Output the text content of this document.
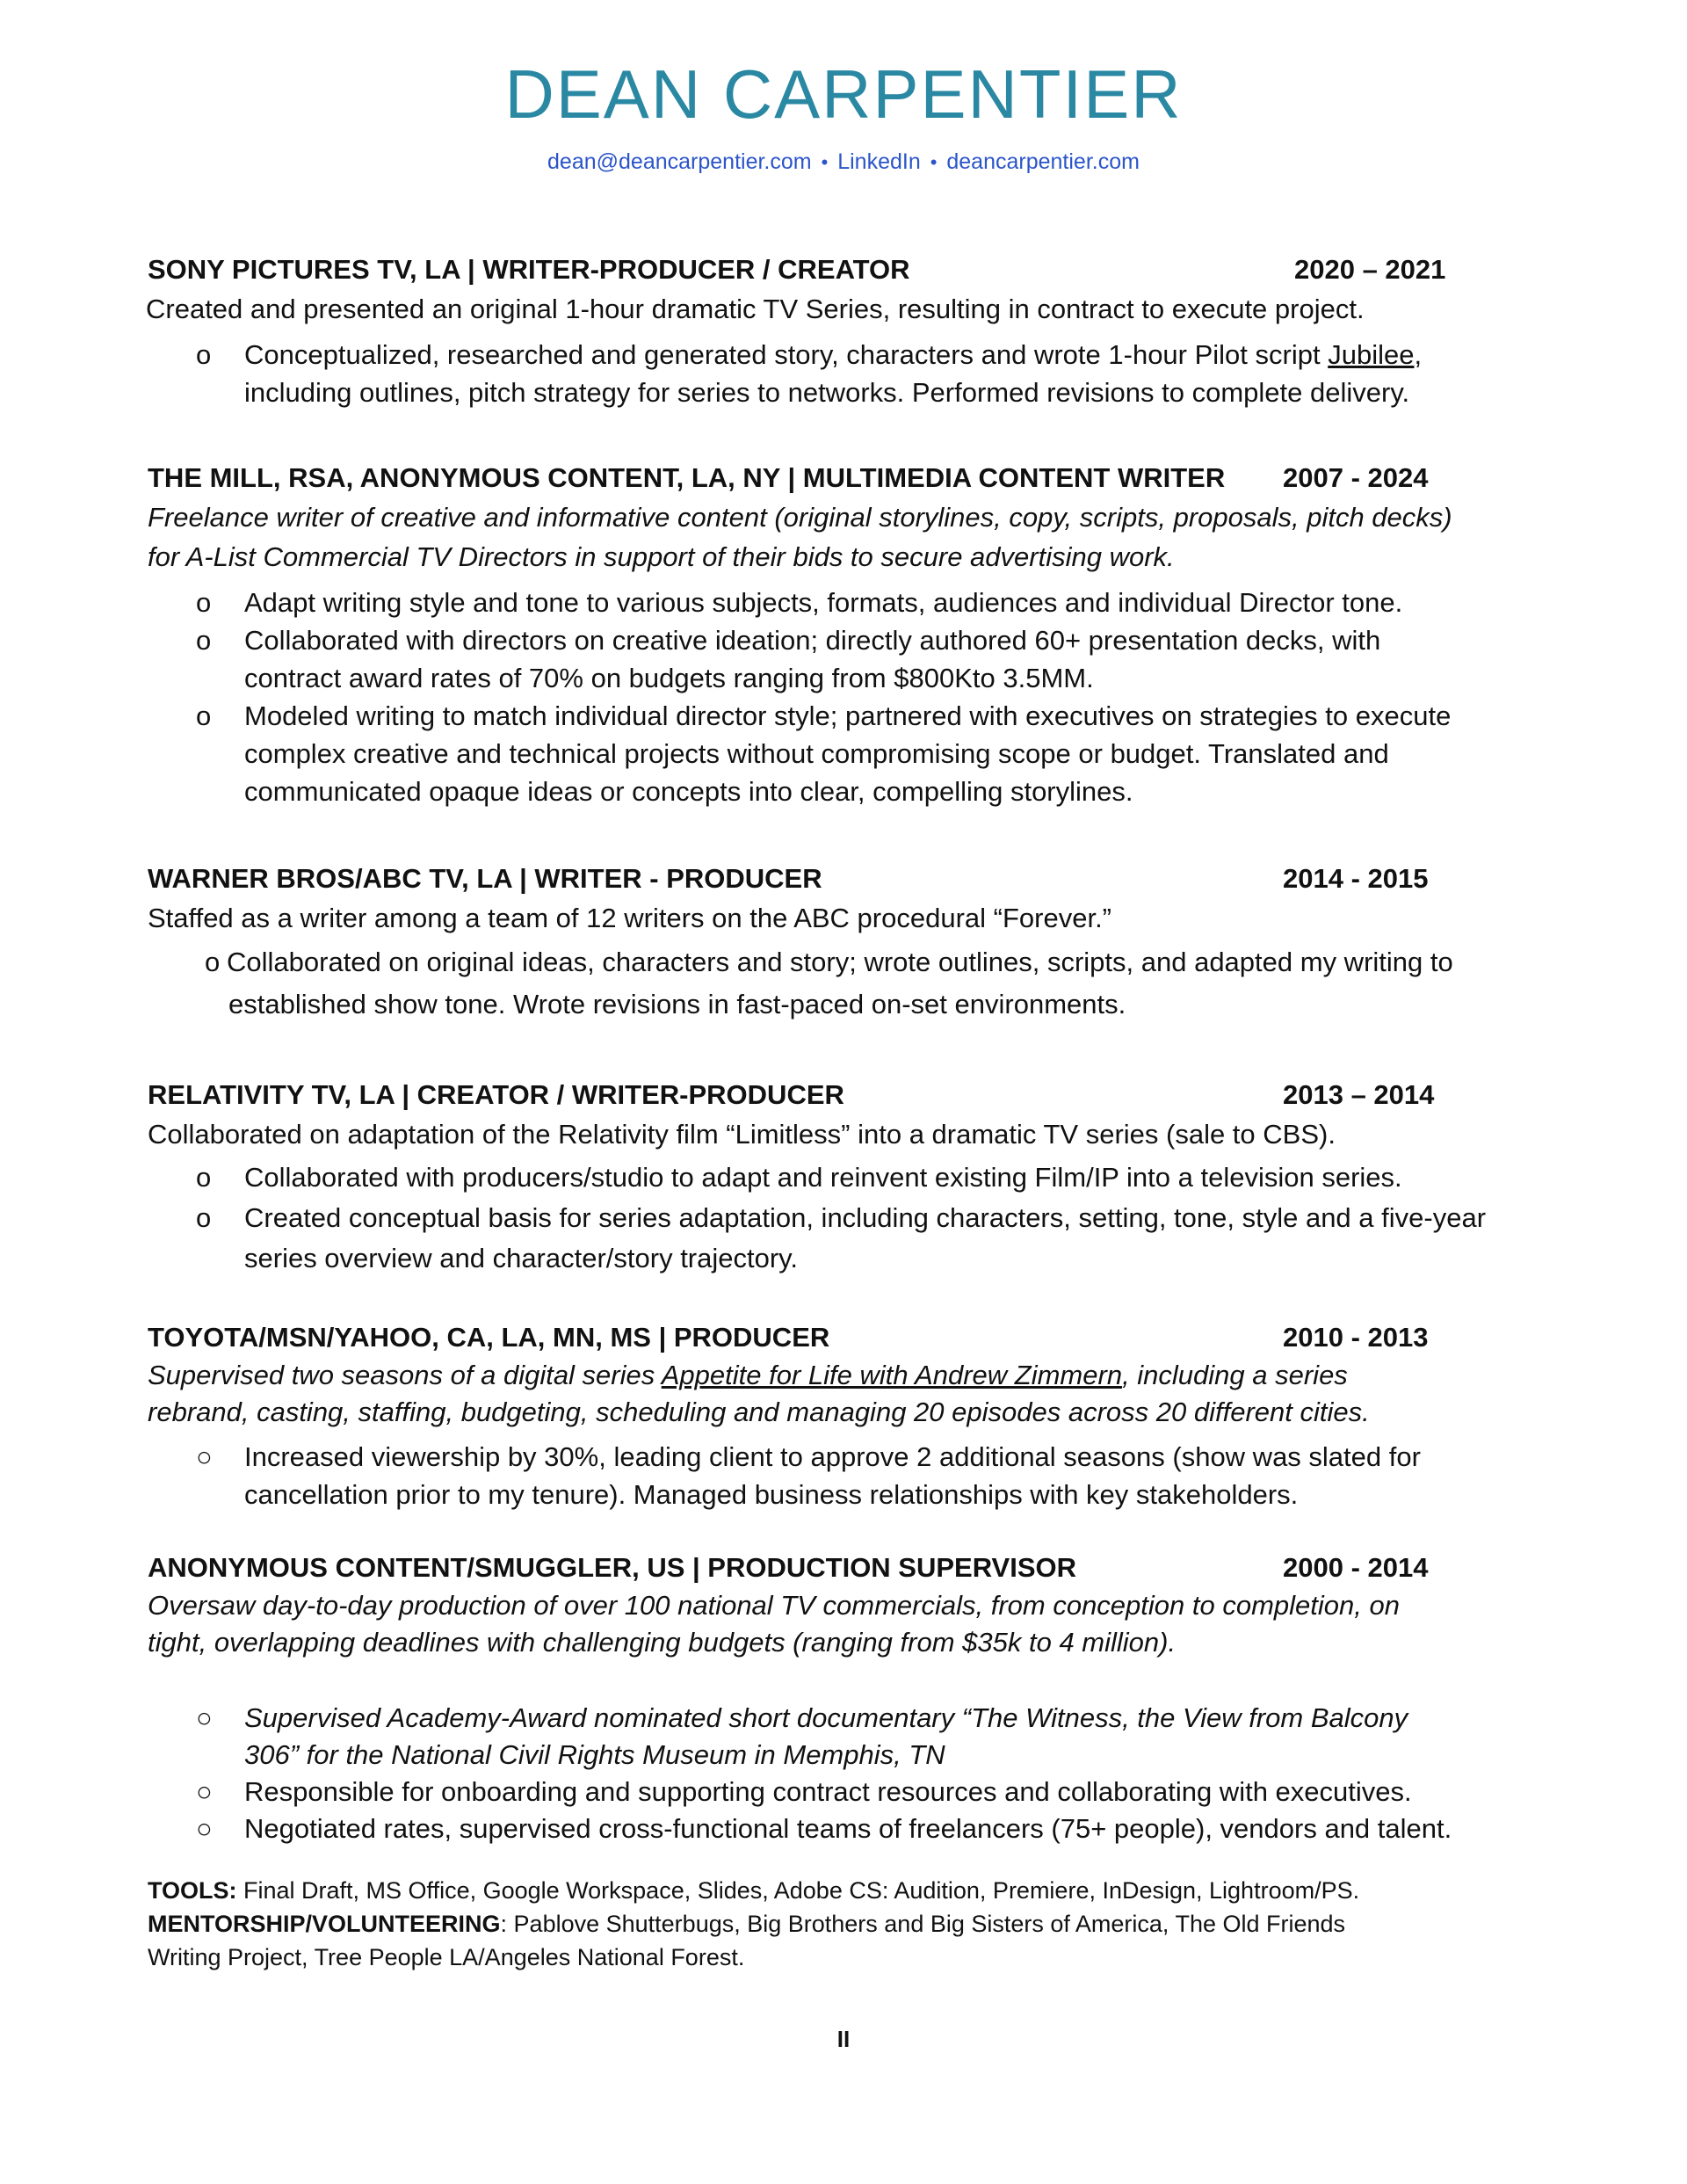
DEAN CARPENTIER
dean@deancarpentier.com • LinkedIn • deancarpentier.com
SONY PICTURES TV, LA | WRITER-PRODUCER / CREATOR	2020 – 2021
Created and presented an original 1-hour dramatic TV Series, resulting in contract to execute project.
o Conceptualized, researched and generated story, characters and wrote 1-hour Pilot script Jubilee,
including outlines, pitch strategy for series to networks. Performed revisions to complete delivery.
THE MILL, RSA, ANONYMOUS CONTENT, LA, NY | MULTIMEDIA CONTENT WRITER 2007 - 2024
Freelance writer of creative and informative content (original storylines, copy, scripts, proposals, pitch decks)
for A-List Commercial TV Directors in support of their bids to secure advertising work.
o Adapt writing style and tone to various subjects, formats, audiences and individual Director tone.
o Collaborated with directors on creative ideation; directly authored 60+ presentation decks, with
contract award rates of 70% on budgets ranging from $800Kto 3.5MM.
o Modeled writing to match individual director style; partnered with executives on strategies to execute
complex creative and technical projects without compromising scope or budget. Translated and
communicated opaque ideas or concepts into clear, compelling storylines.
WARNER BROS/ABC TV, LA | WRITER - PRODUCER	2014 - 2015
Staffed as a writer among a team of 12 writers on the ABC procedural “Forever.”
o Collaborated on original ideas, characters and story; wrote outlines, scripts, and adapted my writing to
established show tone. Wrote revisions in fast-paced on-set environments.
RELATIVITY TV, LA | CREATOR / WRITER-PRODUCER	2013 – 2014
Collaborated on adaptation of the Relativity film “Limitless” into a dramatic TV series (sale to CBS).
o Collaborated with producers/studio to adapt and reinvent existing Film/IP into a television series.
o Created conceptual basis for series adaptation, including characters, setting, tone, style and a five-year
series overview and character/story trajectory.
TOYOTA/MSN/YAHOO, CA, LA, MN, MS | PRODUCER	2010 - 2013
Supervised two seasons of a digital series Appetite for Life with Andrew Zimmern, including a series
rebrand, casting, staffing, budgeting, scheduling and managing 20 episodes across 20 different cities.
○ Increased viewership by 30%, leading client to approve 2 additional seasons (show was slated for
cancellation prior to my tenure). Managed business relationships with key stakeholders.
ANONYMOUS CONTENT/SMUGGLER, US | PRODUCTION SUPERVISOR	2000 - 2014
Oversaw day-to-day production of over 100 national TV commercials, from conception to completion, on
tight, overlapping deadlines with challenging budgets (ranging from $35k to 4 million).
○ Supervised Academy-Award nominated short documentary “The Witness, the View from Balcony
306” for the National Civil Rights Museum in Memphis, TN
○ Responsible for onboarding and supporting contract resources and collaborating with executives.
○ Negotiated rates, supervised cross-functional teams of freelancers (75+ people), vendors and talent.
TOOLS: Final Draft, MS Office, Google Workspace, Slides, Adobe CS: Audition, Premiere, InDesign, Lightroom/PS.
MENTORSHIP/VOLUNTEERING: Pablove Shutterbugs, Big Brothers and Big Sisters of America, The Old Friends
Writing Project, Tree People LA/Angeles National Forest.
II
